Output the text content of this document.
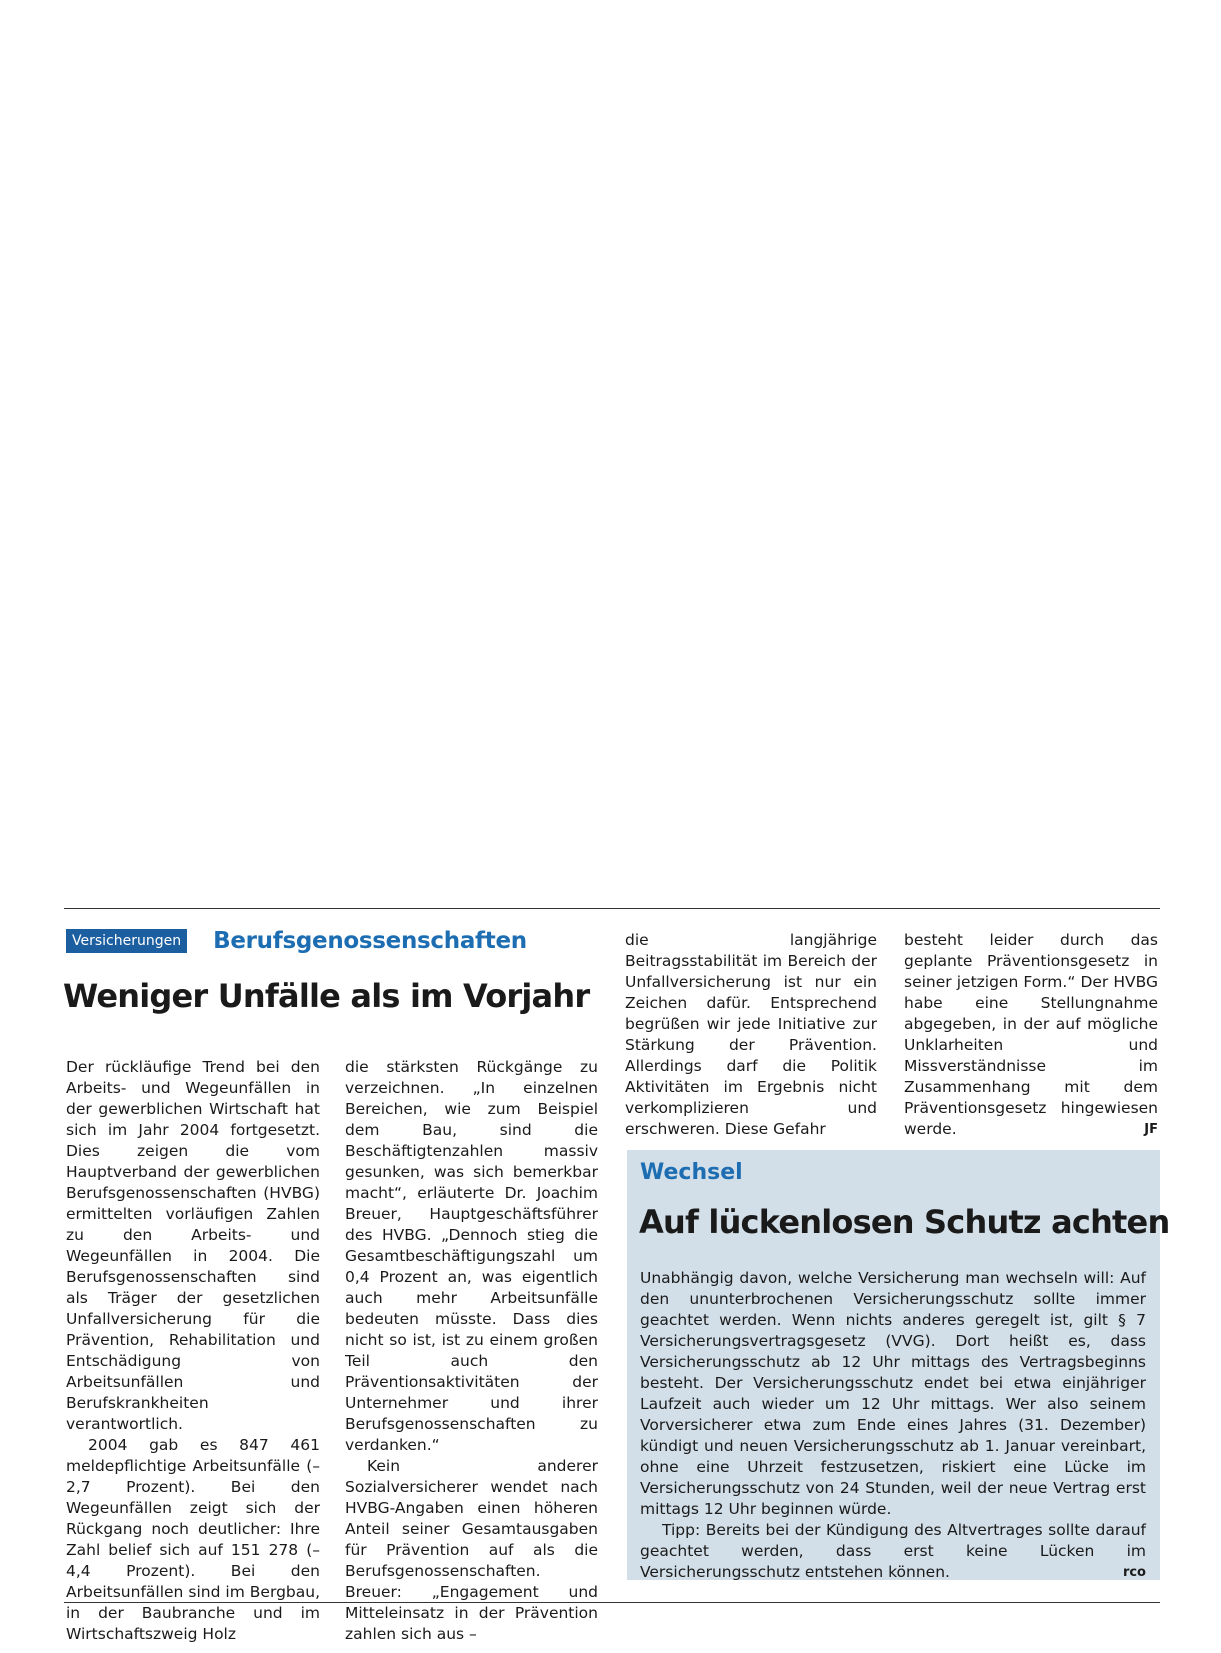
Versicherungen Berufsgenossenschaften
Weniger Unfälle als im Vorjahr

Der rückläufige Trend bei den Arbeits- und Wegeunfällen in der gewerblichen Wirtschaft hat sich im Jahr 2004 fortgesetzt. Dies zeigen die vom Hauptverband der gewerblichen Berufsgenossenschaften (HVBG) ermittelten vorläufigen Zahlen zu den Arbeits- und Wegeunfällen in 2004. Die Berufsgenossenschaften sind als Träger der gesetzlichen Unfallversicherung für die Prävention, Rehabilitation und Entschädigung von Arbeitsunfällen und Berufskrankheiten verantwortlich.

2004 gab es 847 461 meldepflichtige Arbeitsunfälle (–2,7 Prozent). Bei den Wegeunfällen zeigt sich der Rückgang noch deutlicher: Ihre Zahl belief sich auf 151 278 (–4,4 Prozent). Bei den Arbeitsunfällen sind im Bergbau, in der Baubranche und im Wirtschaftszweig Holz

die stärksten Rückgänge zu verzeichnen. „In einzelnen Bereichen, wie zum Beispiel dem Bau, sind die Beschäftigtenzahlen massiv gesunken, was sich bemerkbar macht“, erläuterte Dr. Joachim Breuer, Hauptgeschäftsführer des HVBG. „Dennoch stieg die Gesamtbeschäftigungszahl um 0,4 Prozent an, was eigentlich auch mehr Arbeitsunfälle bedeuten müsste. Dass dies nicht so ist, ist zu einem großen Teil auch den Präventionsaktivitäten der Unternehmer und ihrer Berufsgenossenschaften zu verdanken.“

Kein anderer Sozialversicherer wendet nach HVBG-Angaben einen höheren Anteil seiner Gesamtausgaben für Prävention auf als die Berufsgenossenschaften. Breuer: „Engagement und Mitteleinsatz in der Prävention zahlen sich aus –

die langjährige Beitragsstabilität im Bereich der Unfallversicherung ist nur ein Zeichen dafür. Entsprechend begrüßen wir jede Initiative zur Stärkung der Prävention. Allerdings darf die Politik Aktivitäten im Ergebnis nicht verkomplizieren und erschweren. Diese Gefahr

besteht leider durch das geplante Präventionsgesetz in seiner jetzigen Form.“ Der HVBG habe eine Stellungnahme abgegeben, in der auf mögliche Unklarheiten und Missverständnisse im Zusammenhang mit dem Präventionsgesetz hingewiesen werde.	JF
Wechsel
Auf lückenlosen Schutz achten

Unabhängig davon, welche Versicherung man wechseln will: Auf den ununterbrochenen Versicherungsschutz sollte immer geachtet werden. Wenn nichts anderes geregelt ist, gilt § 7 Versicherungsvertragsgesetz (VVG). Dort heißt es, dass Versicherungsschutz ab 12 Uhr mittags des Vertragsbeginns besteht. Der Versicherungsschutz endet bei etwa einjähriger Laufzeit auch wieder um 12 Uhr mittags. Wer also seinem Vorversicherer etwa zum Ende eines Jahres (31. Dezember) kündigt und neuen Versicherungsschutz ab 1. Januar vereinbart, ohne eine Uhrzeit festzusetzen, riskiert eine Lücke im Versicherungsschutz von 24 Stunden, weil der neue Vertrag erst mittags 12 Uhr beginnen würde.

Tipp: Bereits bei der Kündigung des Altvertrages sollte darauf geachtet werden, dass erst keine Lücken im Versicherungsschutz entstehen können.	rco
